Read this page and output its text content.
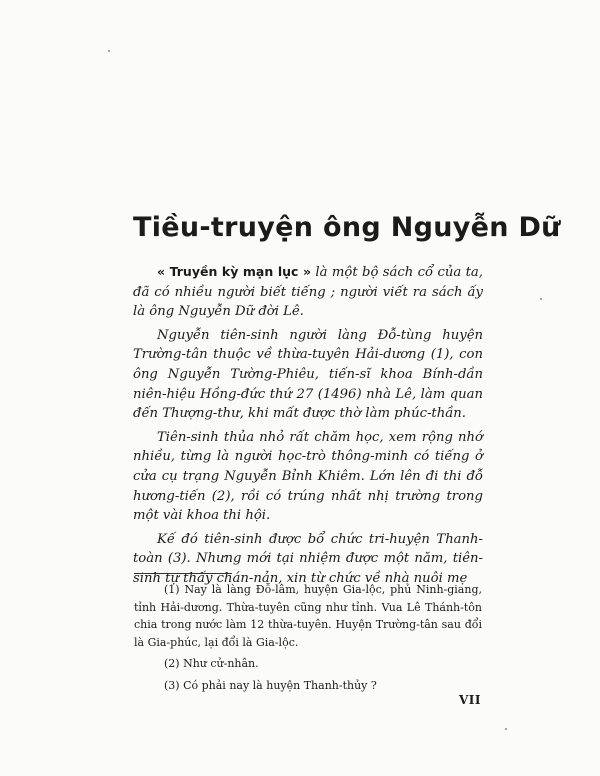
Tiều-truyện ông Nguyễn Dữ

« Truyền kỳ mạn lục » là một bộ sách cổ của ta, đã có nhiều người biết tiếng ; người viết ra sách ấy là ông Nguyễn Dữ đời Lê.

Nguyễn tiên-sinh người làng Đỗ-tùng huyện Trường-tân thuộc về thừa-tuyên Hải-dương (1), con ông Nguyễn Tường-Phiêu, tiến-sĩ khoa Bính-dần niên-hiệu Hồng-đức thứ 27 (1496) nhà Lê, làm quan đến Thượng-thư, khi mất được thờ làm phúc-thần.

Tiên-sinh thủa nhỏ rất chăm học, xem rộng nhớ nhiều, từng là người học-trò thông-minh có tiếng ở cửa cụ trạng Nguyễn Bỉnh Khiêm. Lớn lên đi thi đỗ hương-tiến (2), rồi có trúng nhất nhị trường trong một vài khoa thi hội.

Kế đó tiên-sinh được bổ chức tri-huyện Thanh-toàn (3). Nhưng mới tại nhiệm được một năm, tiên-sinh tự thấy chán-nản, xin từ chức về nhà nuôi mẹ

(1) Nay là làng Đỗ-lâm, huyện Gia-lộc, phủ Ninh-giang, tỉnh Hải-dương. Thừa-tuyên cũng như tỉnh. Vua Lê Thánh-tôn chia trong nước làm 12 thừa-tuyên. Huyện Trường-tân sau đổi là Gia-phúc, lại đổi là Gia-lộc.

(2) Như cử-nhân.

(3) Có phải nay là huyện Thanh-thủy ?

VII
